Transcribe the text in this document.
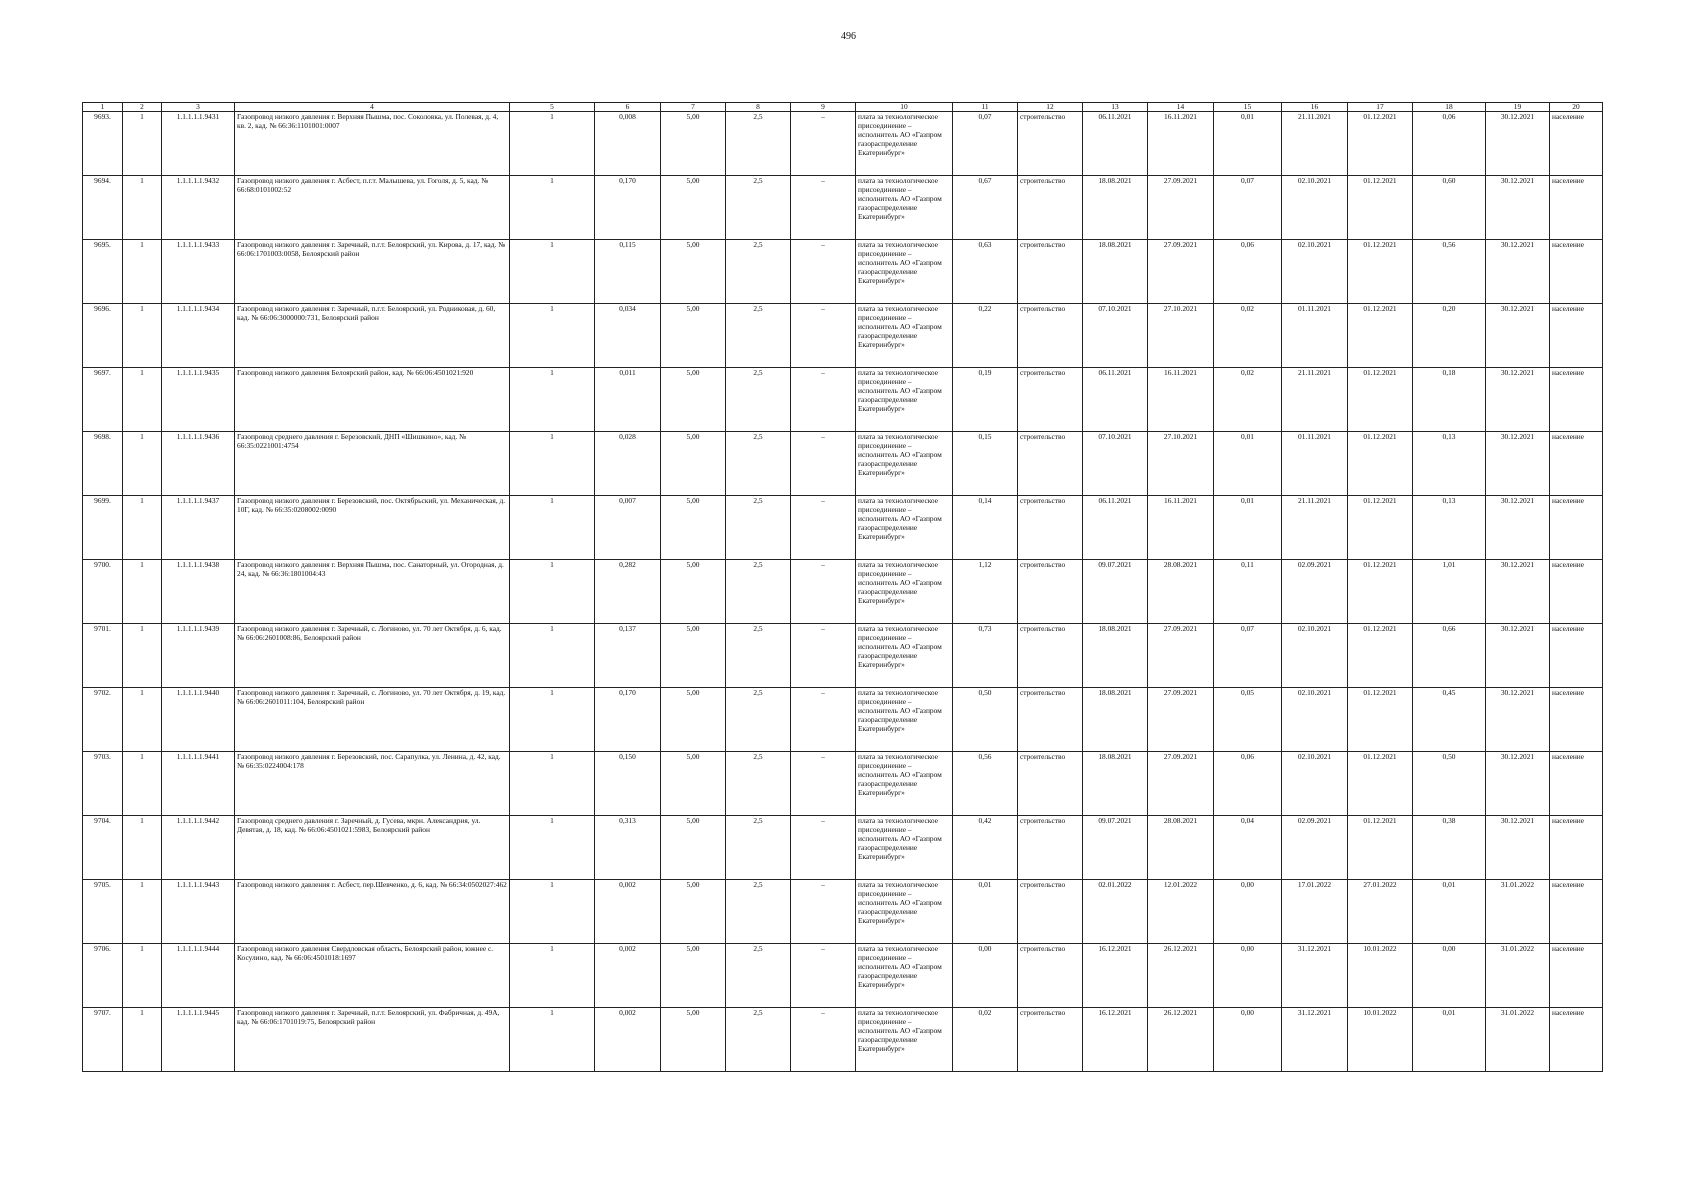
496
1	2	3	4	5	6	7	8	9	10	11	12	13	14	15	16	17	18	19	20
9693.	1	1.1.1.1.1.9431	Газопровод низкого давления г. Верхняя Пышма, пос. Соколовка, ул. Полевая, д. 4, кв. 2, кад. № 66:36:1101001:0007	1	0,008	5,00	2,5	–	плата за технологическое присоединение – исполнитель АО «Газпром газораспределение Екатеринбург»	0,07	строительство	06.11.2021	16.11.2021	0,01	21.11.2021	01.12.2021	0,06	30.12.2021	население
9694.	1	1.1.1.1.1.9432	Газопровод низкого давления г. Асбест, п.г.т. Малышева, ул. Гоголя, д. 5, кад. № 66:68:0101002:52	1	0,170	5,00	2,5	–	плата за технологическое присоединение – исполнитель АО «Газпром газораспределение Екатеринбург»	0,67	строительство	18.08.2021	27.09.2021	0,07	02.10.2021	01.12.2021	0,60	30.12.2021	население
9695.	1	1.1.1.1.1.9433	Газопровод низкого давления г. Заречный, п.г.т. Белоярский, ул. Кирова, д. 17, кад. № 66:06:1701003:0058, Белоярский район	1	0,115	5,00	2,5	–	плата за технологическое присоединение – исполнитель АО «Газпром газораспределение Екатеринбург»	0,63	строительство	18.08.2021	27.09.2021	0,06	02.10.2021	01.12.2021	0,56	30.12.2021	население
9696.	1	1.1.1.1.1.9434	Газопровод низкого давления г. Заречный, п.г.т. Белоярский, ул. Родниковая, д. 60, кад. № 66:06:3000000:731, Белоярский район	1	0,034	5,00	2,5	–	плата за технологическое присоединение – исполнитель АО «Газпром газораспределение Екатеринбург»	0,22	строительство	07.10.2021	27.10.2021	0,02	01.11.2021	01.12.2021	0,20	30.12.2021	население
9697.	1	1.1.1.1.1.9435	Газопровод низкого давления Белоярский район, кад. № 66:06:4501021:920	1	0,011	5,00	2,5	–	плата за технологическое присоединение – исполнитель АО «Газпром газораспределение Екатеринбург»	0,19	строительство	06.11.2021	16.11.2021	0,02	21.11.2021	01.12.2021	0,18	30.12.2021	население
9698.	1	1.1.1.1.1.9436	Газопровод среднего давления г. Березовский, ДНП «Шишкино», кад. № 66:35:0221001:4754	1	0,028	5,00	2,5	–	плата за технологическое присоединение – исполнитель АО «Газпром газораспределение Екатеринбург»	0,15	строительство	07.10.2021	27.10.2021	0,01	01.11.2021	01.12.2021	0,13	30.12.2021	население
9699.	1	1.1.1.1.1.9437	Газопровод низкого давления г. Березовский, пос. Октябрьский, ул. Механическая, д. 10Г, кад. № 66:35:0208002:0090	1	0,007	5,00	2,5	–	плата за технологическое присоединение – исполнитель АО «Газпром газораспределение Екатеринбург»	0,14	строительство	06.11.2021	16.11.2021	0,01	21.11.2021	01.12.2021	0,13	30.12.2021	население
9700.	1	1.1.1.1.1.9438	Газопровод низкого давления г. Верхняя Пышма, пос. Санаторный, ул. Огородная, д. 24, кад. № 66:36:1801004:43	1	0,282	5,00	2,5	–	плата за технологическое присоединение – исполнитель АО «Газпром газораспределение Екатеринбург»	1,12	строительство	09.07.2021	28.08.2021	0,11	02.09.2021	01.12.2021	1,01	30.12.2021	население
9701.	1	1.1.1.1.1.9439	Газопровод низкого давления г. Заречный, с. Логиново, ул. 70 лет Октября, д. 6, кад. № 66:06:2601008:86, Белоярский район	1	0,137	5,00	2,5	–	плата за технологическое присоединение – исполнитель АО «Газпром газораспределение Екатеринбург»	0,73	строительство	18.08.2021	27.09.2021	0,07	02.10.2021	01.12.2021	0,66	30.12.2021	население
9702.	1	1.1.1.1.1.9440	Газопровод низкого давления г. Заречный, с. Логиново, ул. 70 лет Октября, д. 19, кад. № 66:06:2601011:104, Белоярский район	1	0,170	5,00	2,5	–	плата за технологическое присоединение – исполнитель АО «Газпром газораспределение Екатеринбург»	0,50	строительство	18.08.2021	27.09.2021	0,05	02.10.2021	01.12.2021	0,45	30.12.2021	население
9703.	1	1.1.1.1.1.9441	Газопровод низкого давления г. Березовский, пос. Сарапулка, ул. Ленина, д. 42, кад. № 66:35:0224004:178	1	0,150	5,00	2,5	–	плата за технологическое присоединение – исполнитель АО «Газпром газораспределение Екатеринбург»	0,56	строительство	18.08.2021	27.09.2021	0,06	02.10.2021	01.12.2021	0,50	30.12.2021	население
9704.	1	1.1.1.1.1.9442	Газопровод среднего давления г. Заречный, д. Гусева, мкрн. Александрия, ул. Девятая, д. 18, кад. № 66:06:4501021:5983, Белоярский район	1	0,313	5,00	2,5	–	плата за технологическое присоединение – исполнитель АО «Газпром газораспределение Екатеринбург»	0,42	строительство	09.07.2021	28.08.2021	0,04	02.09.2021	01.12.2021	0,38	30.12.2021	население
9705.	1	1.1.1.1.1.9443	Газопровод низкого давления г. Асбест, пер.Шевченко, д. 6, кад. № 66:34:0502027:462	1	0,002	5,00	2,5	–	плата за технологическое присоединение – исполнитель АО «Газпром газораспределение Екатеринбург»	0,01	строительство	02.01.2022	12.01.2022	0,00	17.01.2022	27.01.2022	0,01	31.01.2022	население
9706.	1	1.1.1.1.1.9444	Газопровод низкого давления Свердловская область, Белоярский район, южнее с. Косулино, кад. № 66:06:4501018:1697	1	0,002	5,00	2,5	–	плата за технологическое присоединение – исполнитель АО «Газпром газораспределение Екатеринбург»	0,00	строительство	16.12.2021	26.12.2021	0,00	31.12.2021	10.01.2022	0,00	31.01.2022	население
9707.	1	1.1.1.1.1.9445	Газопровод низкого давления г. Заречный, п.г.т. Белоярский, ул. Фабричная, д. 49А, кад. № 66:06:1701019:75, Белоярский район	1	0,002	5,00	2,5	–	плата за технологическое присоединение – исполнитель АО «Газпром газораспределение Екатеринбург»	0,02	строительство	16.12.2021	26.12.2021	0,00	31.12.2021	10.01.2022	0,01	31.01.2022	население
